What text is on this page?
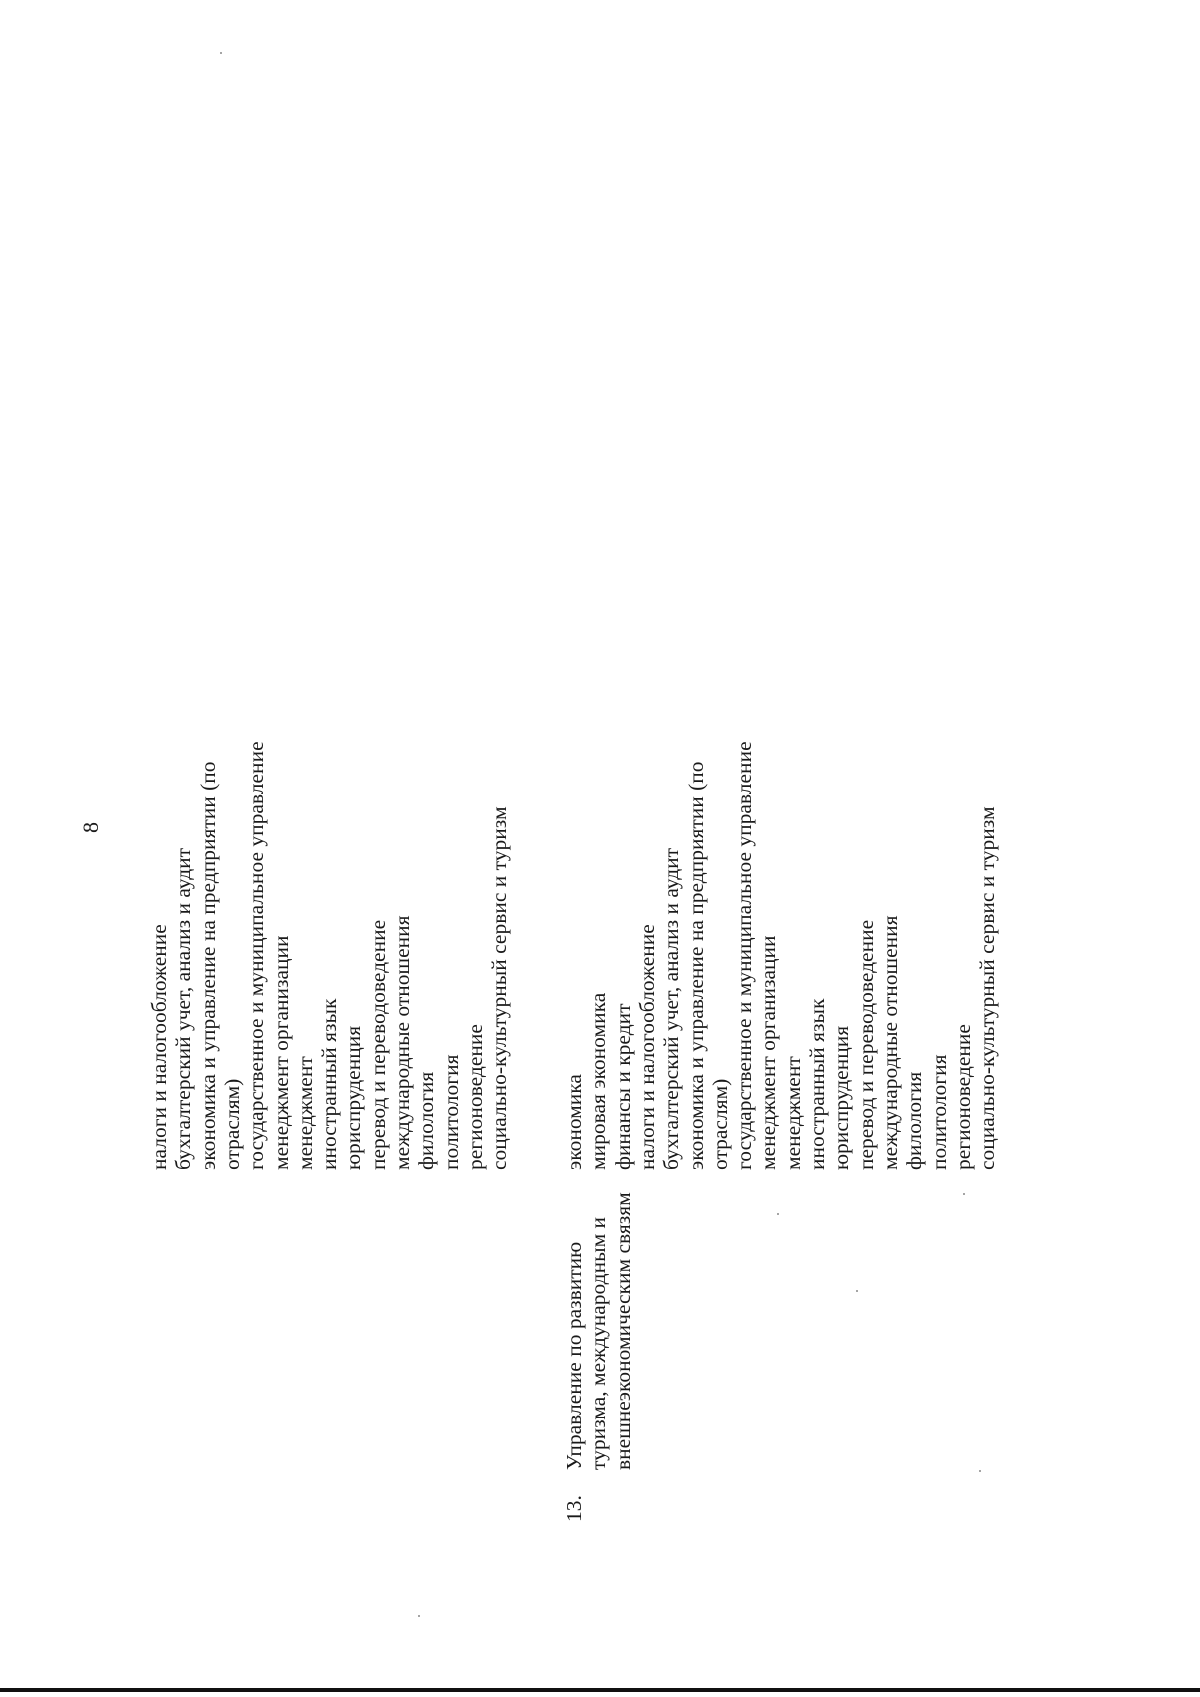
8
налоги и налогообложение бухгалтерский учет, анализ и аудит экономика и управление на предприятии (по отраслям) государственное и муниципальное управление менеджмент организации менеджмент иностранный язык юриспруденция перевод и переводоведение международные отношения филология политология регионоведение социально-культурный сервис и туризм
13.
Управление по развитию туризма, международным и внешнеэкономическим связям
экономика мировая экономика финансы и кредит налоги и налогообложение бухгалтерский учет, анализ и аудит экономика и управление на предприятии (по отраслям) государственное и муниципальное управление менеджмент организации менеджмент иностранный язык юриспруденция перевод и переводоведение международные отношения филология политология регионоведение социально-культурный сервис и туризм
